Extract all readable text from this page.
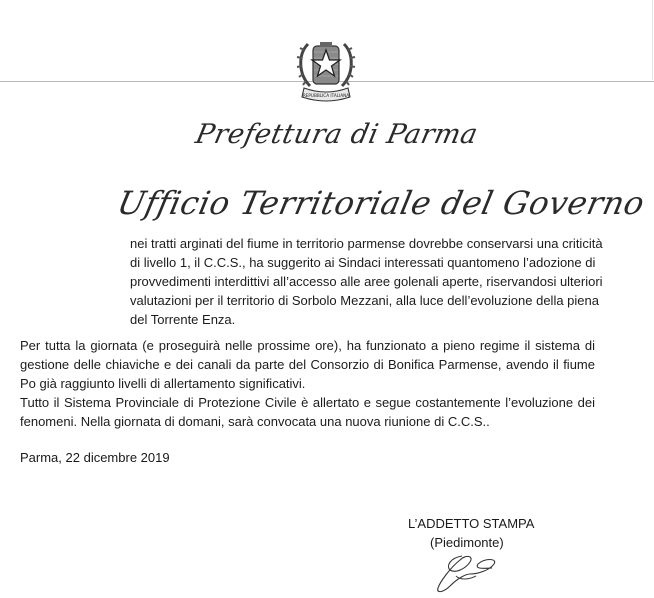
REPUBBLICA ITALIANA
Prefettura di Parma
Ufficio Territoriale del Governo
nei tratti arginati del fiume in territorio parmense dovrebbe conservarsi una criticità
di livello 1, il C.C.S., ha suggerito ai Sindaci interessati quantomeno l’adozione di
provvedimenti interdittivi all’accesso alle aree golenali aperte, riservandosi ulteriori
valutazioni per il territorio di Sorbolo Mezzani, alla luce dell’evoluzione della piena
del Torrente Enza.
Per tutta la giornata (e proseguirà nelle prossime ore), ha funzionato a pieno regime il sistema di
gestione delle chiaviche e dei canali da parte del Consorzio di Bonifica Parmense, avendo il fiume
Po già raggiunto livelli di allertamento significativi.
Tutto il Sistema Provinciale di Protezione Civile è allertato e segue costantemente l’evoluzione dei
fenomeni. Nella giornata di domani, sarà convocata una nuova riunione di C.C.S..
Parma, 22 dicembre 2019
L’ADDETTO STAMPA
(Piedimonte)
